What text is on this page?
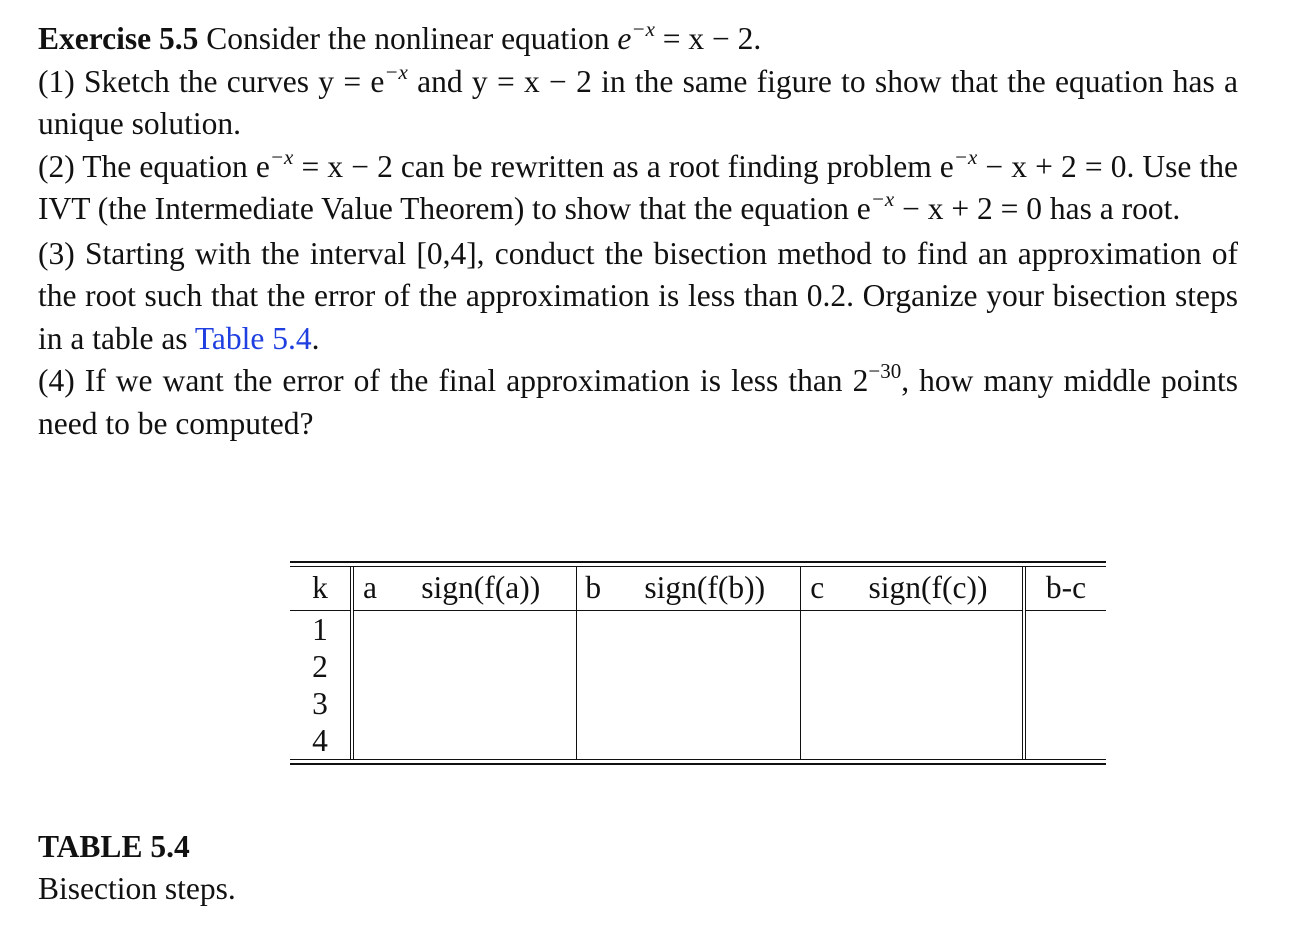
Exercise 5.5 Consider the nonlinear equation $e^{-x} = x - 2$.

(1) Sketch the curves $y = e^{-x}$ and y = x − 2 in the same figure to show that the equation has a unique solution.

(2) The equation $e^{-x} = x - 2$ can be rewritten as a root finding problem $e^{-x} - x + 2 = 0$. Use the IVT (the Intermediate Value Theorem) to show that the equation $e^{-x} - x + 2 = 0$ has a root.

(3) Starting with the interval [0,4], conduct the bisection method to find an approximation of the root such that the error of the approximation is less than 0.2. Organize your bisection steps in a table as Table 5.4.

(4) If we want the error of the final approximation is less than $2^{-30}$, how many middle points need to be computed?

k	a	sign(f(a))	b	sign(f(b))	c	sign(f(c))	b-c
1							
2							
3							
4							
TABLE 5.4
Bisection steps.
